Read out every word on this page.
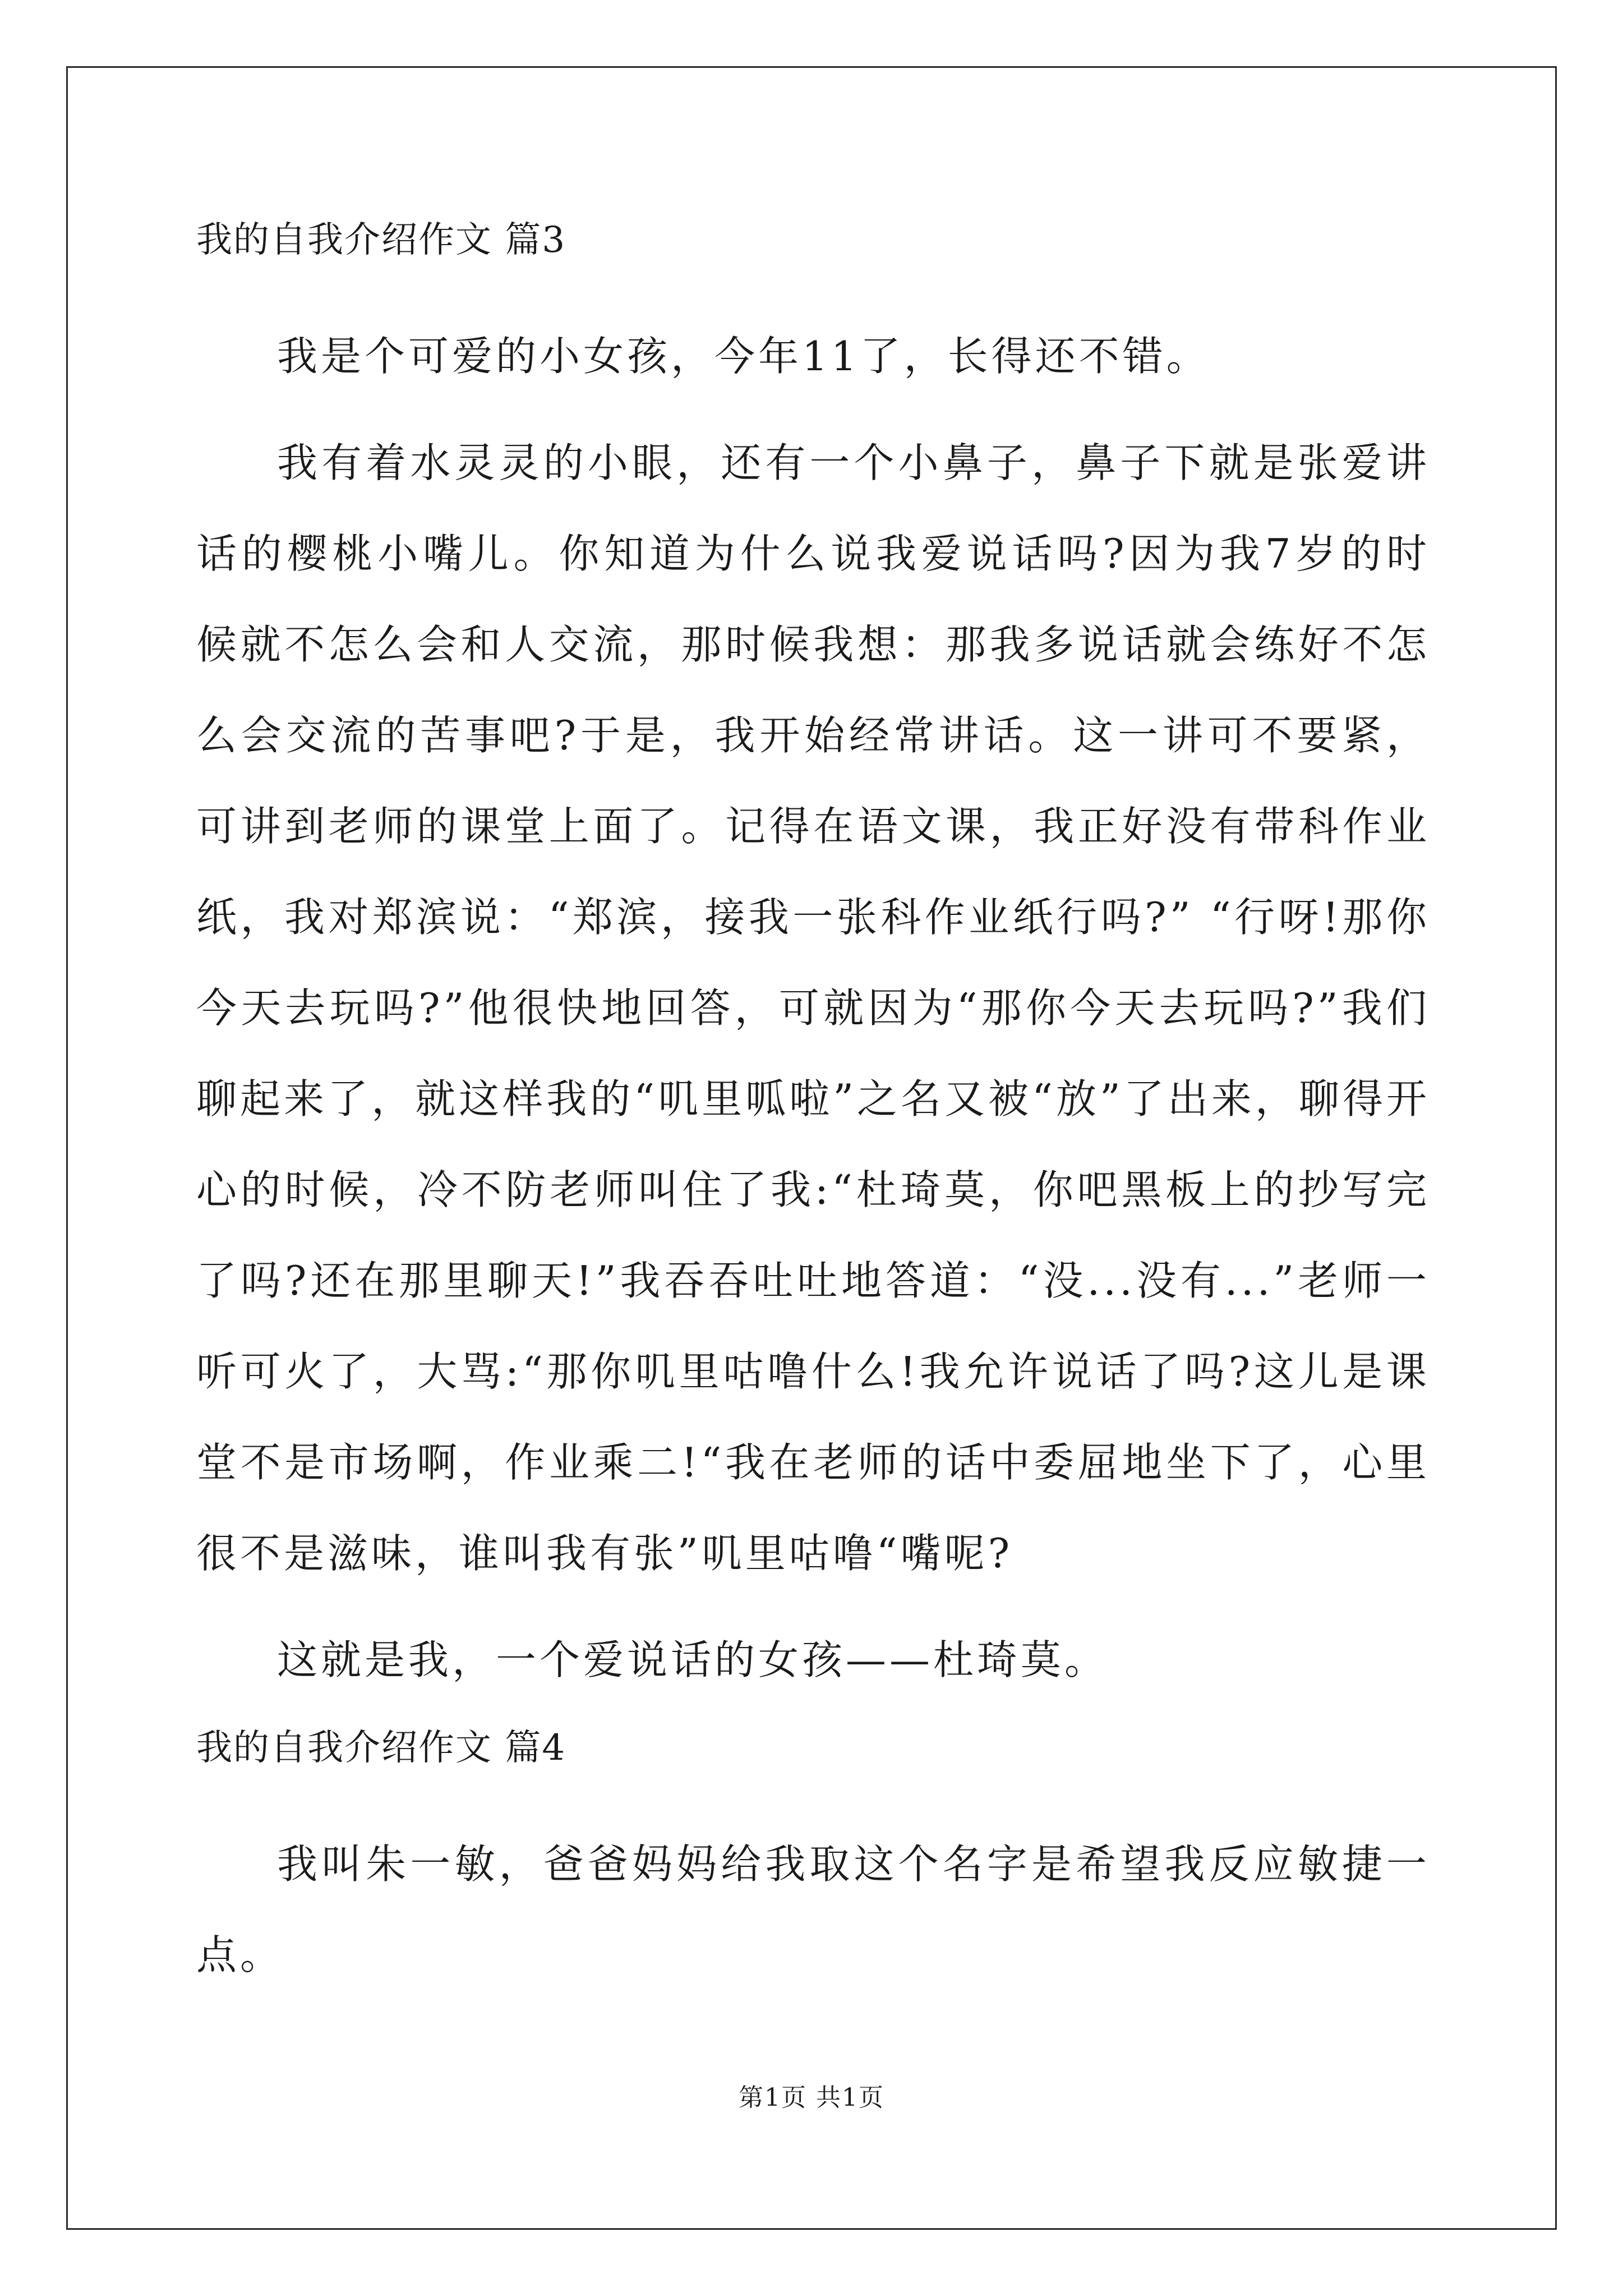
我的自我介绍作文 篇3

我是个可爱的小女孩，今年11了，长得还不错。

我有着水灵灵的小眼，还有一个小鼻子，鼻子下就是张爱讲话的樱桃小嘴儿。你知道为什么说我爱说话吗?因为我7岁的时候就不怎么会和人交流，那时候我想：那我多说话就会练好不怎么会交流的苦事吧?于是，我开始经常讲话。这一讲可不要紧，可讲到老师的课堂上面了。记得在语文课，我正好没有带科作业纸，我对郑滨说：“郑滨，接我一张科作业纸行吗?” “行呀!那你今天去玩吗?”他很快地回答，可就因为“那你今天去玩吗?”我们聊起来了，就这样我的“叽里呱啦”之名又被“放”了出来，聊得开心的时候，冷不防老师叫住了我:“杜琦莫，你吧黑板上的抄写完了吗?还在那里聊天!”我吞吞吐吐地答道：“没...没有...”老师一听可火了，大骂:“那你叽里咕噜什么!我允许说话了吗?这儿是课堂不是市场啊，作业乘二!“我在老师的话中委屈地坐下了，心里很不是滋味，谁叫我有张”叽里咕噜“嘴呢?

这就是我，一个爱说话的女孩——杜琦莫。

我的自我介绍作文 篇4

我叫朱一敏，爸爸妈妈给我取这个名字是希望我反应敏捷一点。

第1页 共1页
